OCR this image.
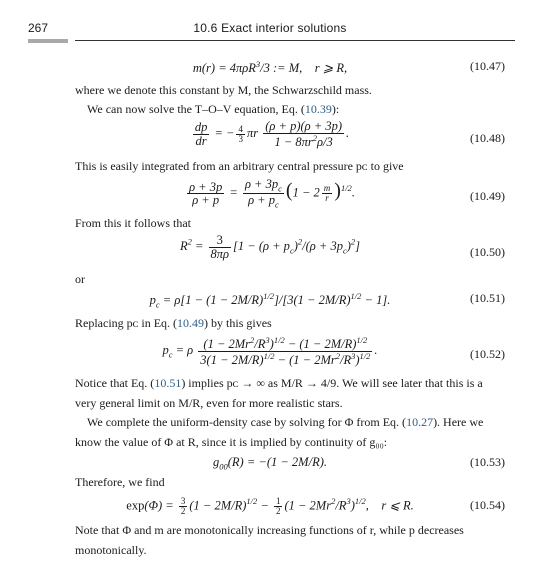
267	10.6 Exact interior solutions
m(r) = 4πρR$^3$/3 := M,    r ⩾ R,	(10.47)
where we denote this constant by M, the Schwarzschild mass.
We can now solve the T–O–V equation, Eq. (10.39):
$\frac{dp}{dr}$ = − $\frac{4}{3}$ πr $\frac{(\rho + p)(\rho + 3p)}{1 - 8\pi r^2\rho/3}$ .	(10.48)
This is easily integrated from an arbitrary central pressure pᴄ to give
$\frac{\rho + 3p}{\rho + p} = \frac{\rho + 3p_c}{\rho + p_c} (1 - 2 \frac{m}{r} )^{1/2}$.	(10.49)
From this it follows that
$R^2 = \frac{3}{8\pi\rho} [1 - (\rho + p_c)^2/(\rho + 3p_c)^2]$	(10.50)
or
$p_c = \rho[1 - (1 - 2M/R)^{1/2}]/[3(1 - 2M/R)^{1/2} - 1]$.	(10.51)
Replacing pᴄ in Eq. (10.49) by this gives
$p_c = \rho \frac{(1 - 2Mr^2/R^3)^{1/2} - (1 - 2M/R)^{1/2}}{3(1 - 2M/R)^{1/2} - (1 - 2Mr^2/R^3)^{1/2}}$ .	(10.52)
Notice that Eq. (10.51) implies pᴄ → ∞ as M/R → 4/9. We will see later that this is a very general limit on M/R, even for more realistic stars.
We complete the uniform-density case by solving for Φ from Eq. (10.27). Here we know the value of Φ at R, since it is implied by continuity of g₀₀:
$g_{00}(R) = -(1 - 2M/R)$.	(10.53)
Therefore, we find
$\exp(\Phi) = \frac{3}{2} (1 - 2M/R)^{1/2} - \frac{1}{2} (1 - 2Mr^2/R^3)^{1/2}$,    r ⩽ R.	(10.54)
Note that Φ and m are monotonically increasing functions of r, while p decreases monotonically.
